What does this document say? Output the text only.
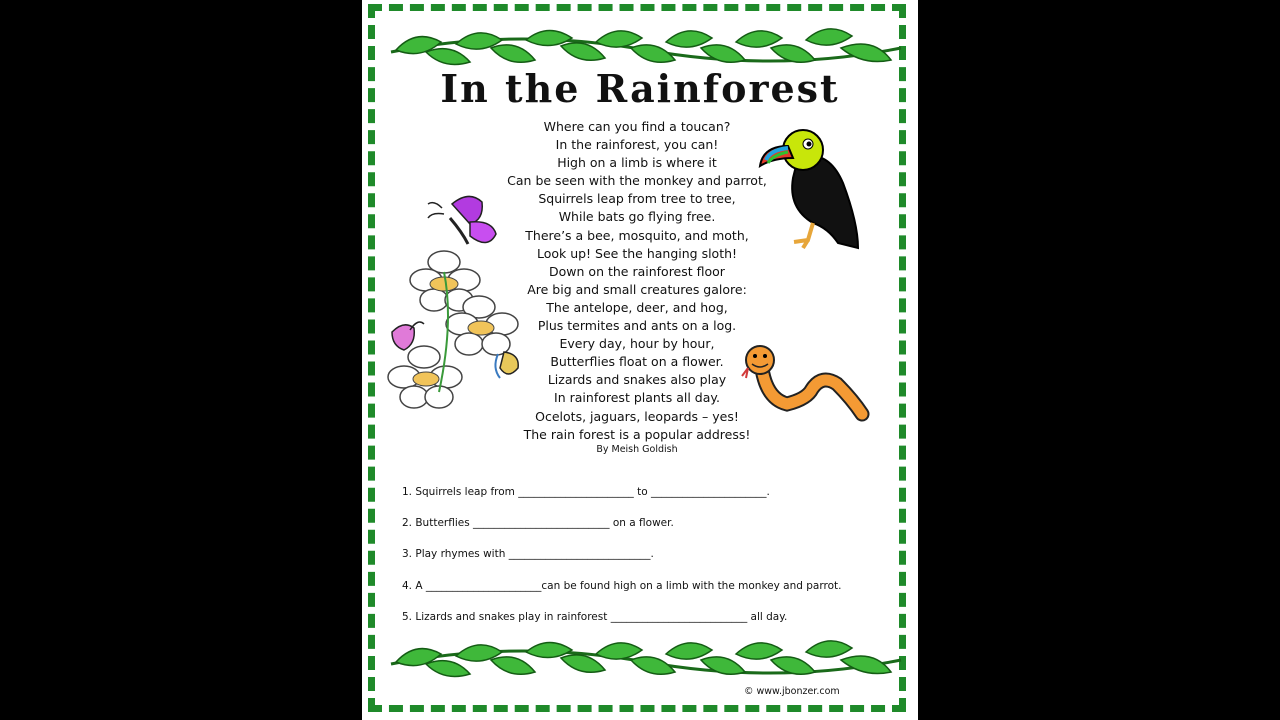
In the Rainforest
Where can you find a toucan?
In the rainforest, you can!
High on a limb is where it
Can be seen with the monkey and parrot,
Squirrels leap from tree to tree,
While bats go flying free.
There’s a bee, mosquito, and moth,
Look up! See the hanging sloth!
Down on the rainforest floor
Are big and small creatures galore:
The antelope, deer, and hog,
Plus termites and ants on a log.
Every day, hour by hour,
Butterflies float on a flower.
Lizards and snakes also play
In rainforest plants all day.
Ocelots, jaguars, leopards – yes!
The rain forest is a popular address!
By Meish Goldish
1. Squirrels leap from ______________________ to ______________________.
2. Butterflies __________________________ on a flower.
3. Play rhymes with ___________________________.
4. A ______________________can be found high on a limb with the monkey and parrot.
5. Lizards and snakes play in rainforest __________________________ all day.
© www.jbonzer.com
